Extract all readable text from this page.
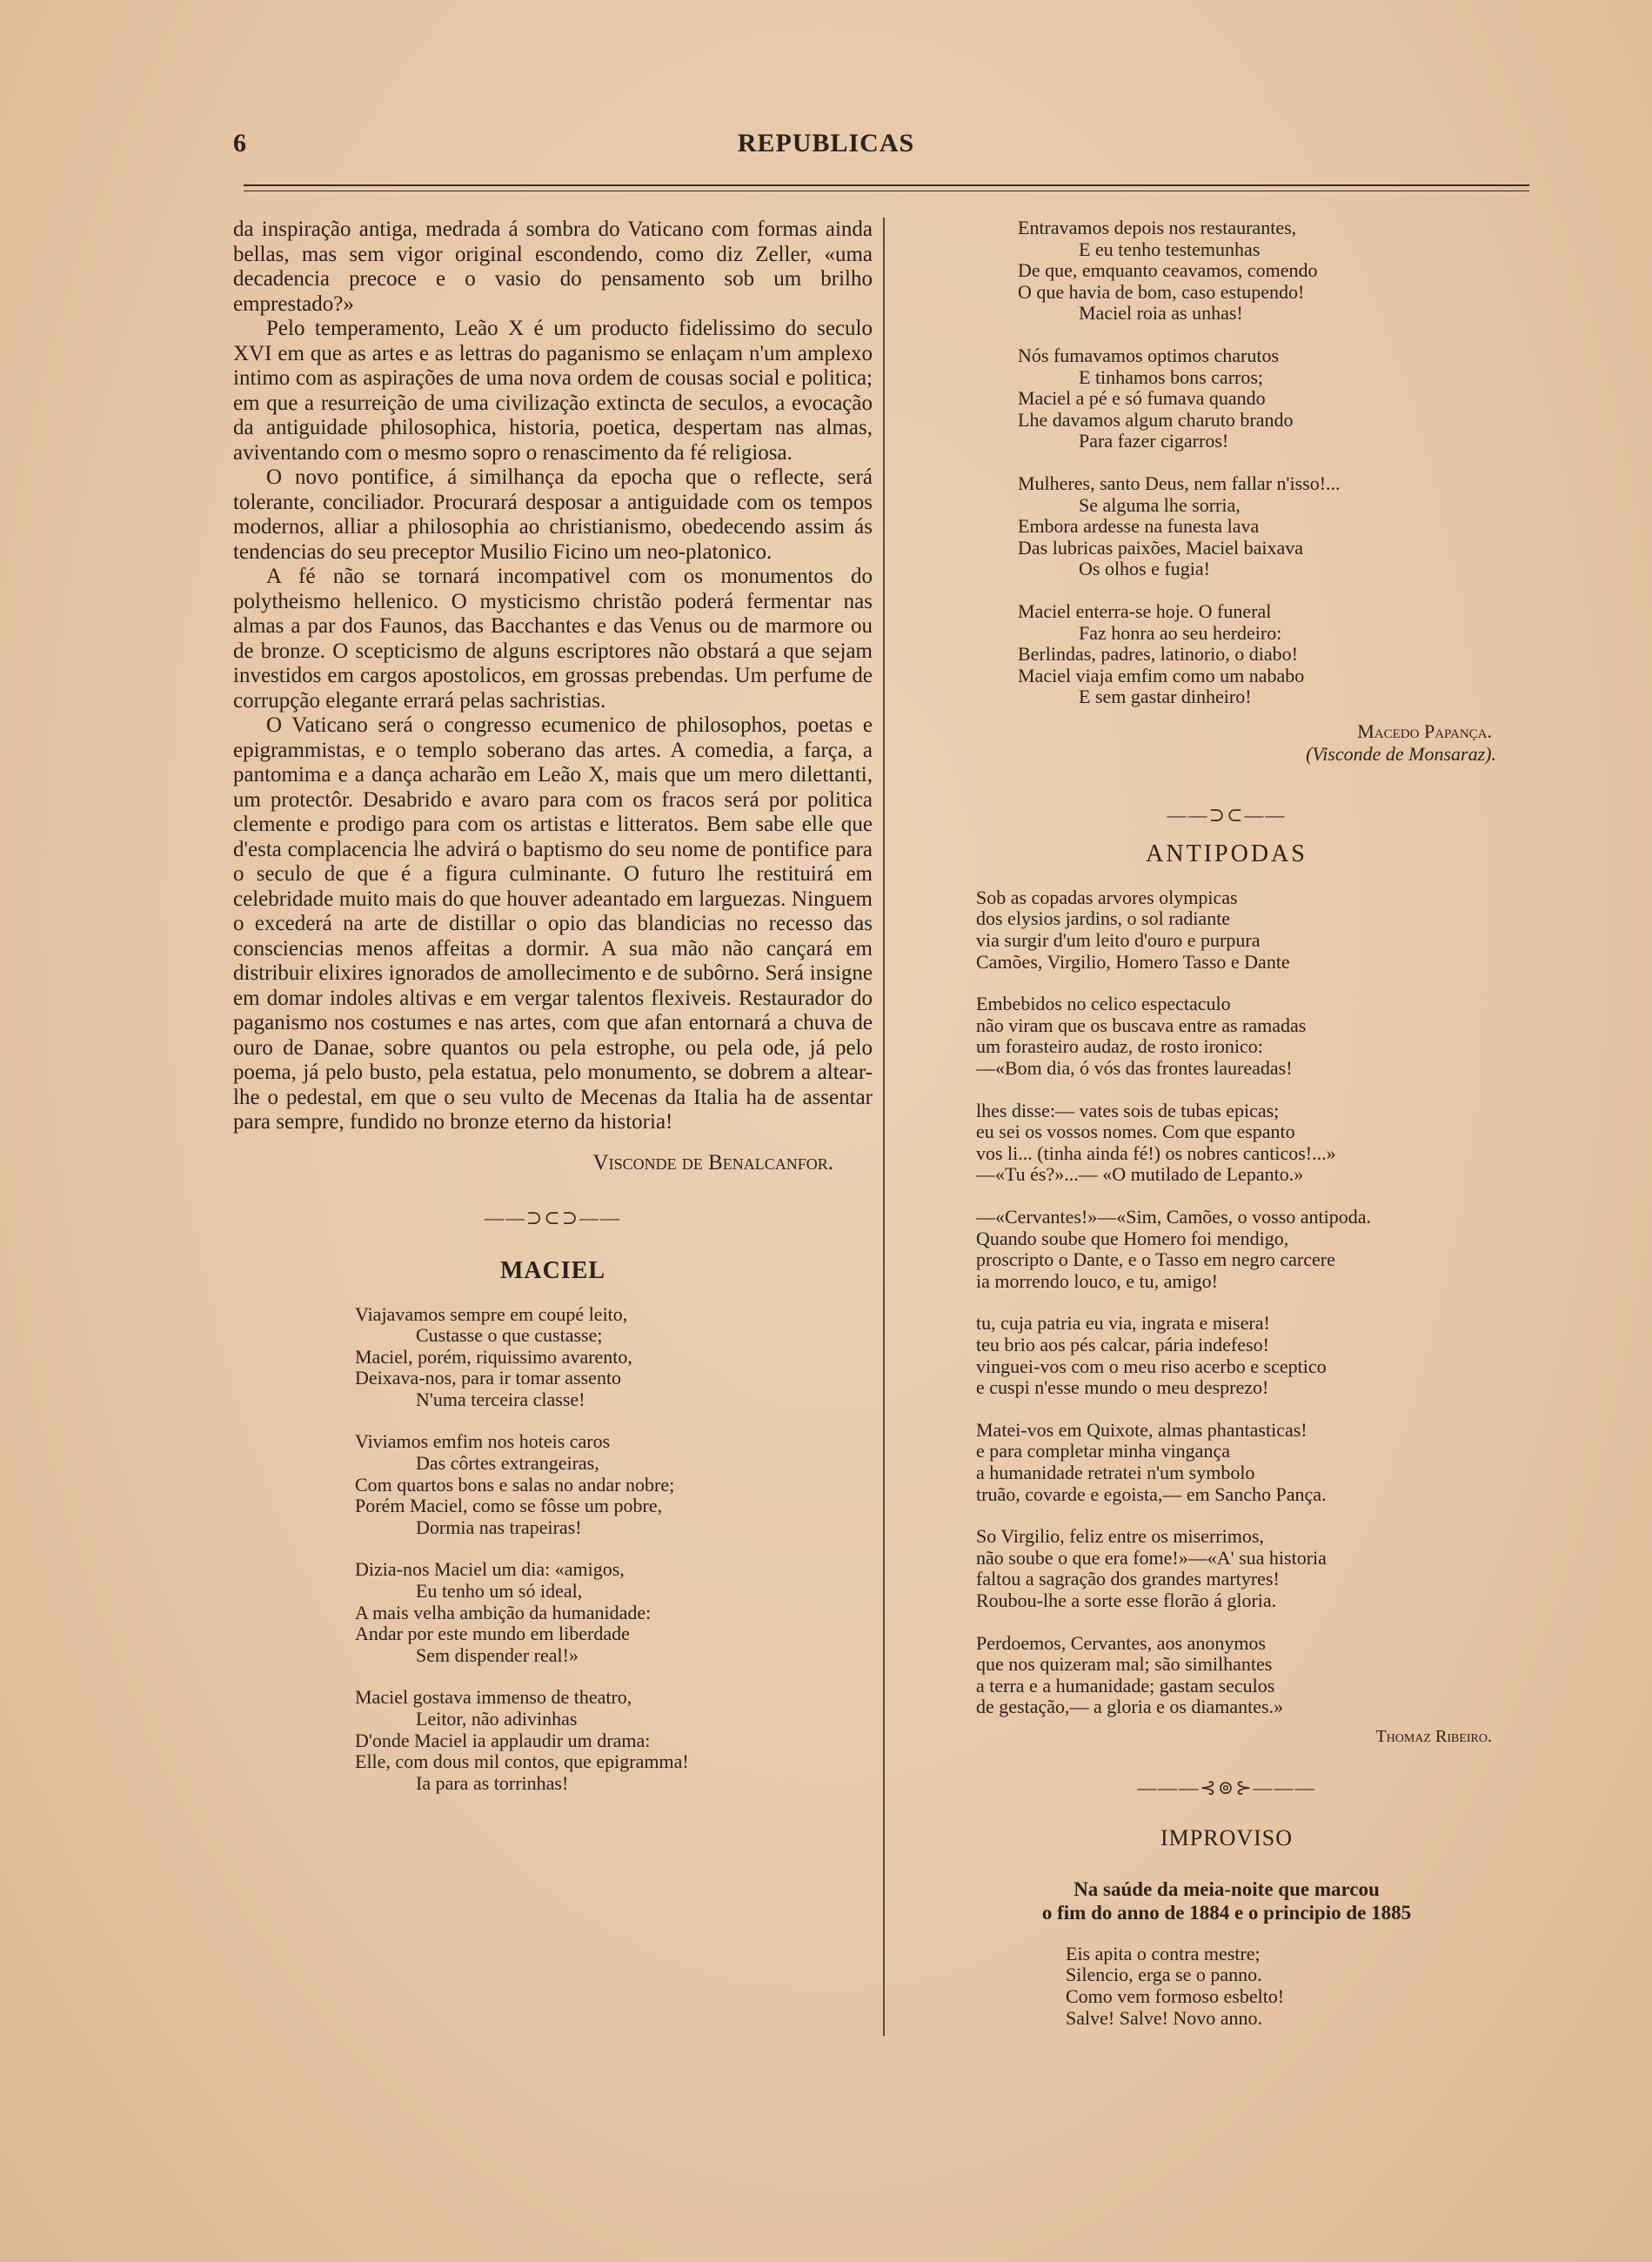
6	REPUBLICAS

da inspiração antiga, medrada á sombra do Vaticano com formas ainda bellas, mas sem vigor original escondendo, como diz Zeller, «uma decadencia precoce e o vasio do pensamento sob um brilho emprestado?»

Pelo temperamento, Leão X é um producto fidelissimo do seculo XVI em que as artes e as lettras do paganismo se enlaçam n'um amplexo intimo com as aspirações de uma nova ordem de cousas social e politica; em que a resurreição de uma civilização extincta de seculos, a evocação da antiguidade philosophica, historia, poetica, despertam nas almas, aviventando com o mesmo sopro o renascimento da fé religiosa.

O novo pontifice, á similhança da epocha que o reflecte, será tolerante, conciliador. Procurará desposar a antiguidade com os tempos modernos, alliar a philosophia ao christianismo, obedecendo assim ás tendencias do seu preceptor Musilio Ficino um neo-platonico.

A fé não se tornará incompativel com os monumentos do polytheismo hellenico. O mysticismo christão poderá fermentar nas almas a par dos Faunos, das Bacchantes e das Venus ou de marmore ou de bronze. O scepticismo de alguns escriptores não obstará a que sejam investidos em cargos apostolicos, em grossas prebendas. Um perfume de corrupção elegante errará pelas sachristias.

O Vaticano será o congresso ecumenico de philosophos, poetas e epigrammistas, e o templo soberano das artes. A comedia, a farça, a pantomima e a dança acharão em Leão X, mais que um mero dilettanti, um protectôr. Desabrido e avaro para com os fracos será por politica clemente e prodigo para com os artistas e litteratos. Bem sabe elle que d'esta complacencia lhe advirá o baptismo do seu nome de pontifice para o seculo de que é a figura culminante. O futuro lhe restituirá em celebridade muito mais do que houver adeantado em larguezas. Ninguem o excederá na arte de distillar o opio das blandicias no recesso das consciencias menos affeitas a dormir. A sua mão não cançará em distribuir elixires ignorados de amollecimento e de subôrno. Será insigne em domar indoles altivas e em vergar talentos flexiveis. Restaurador do paganismo nos costumes e nas artes, com que afan entornará a chuva de ouro de Danae, sobre quantos ou pela estrophe, ou pela ode, já pelo poema, já pelo busto, pela estatua, pelo monumento, se dobrem a altear-lhe o pedestal, em que o seu vulto de Mecenas da Italia ha de assentar para sempre, fundido no bronze eterno da historia!

Visconde de Benalcanfor.
——⊃⊂⊃——
MACIEL
Viajavamos sempre em coupé leito,
Custasse o que custasse;
Maciel, porém, riquissimo avarento,
Deixava-nos, para ir tomar assento
N'uma terceira classe!
Viviamos emfim nos hoteis caros
Das côrtes extrangeiras,
Com quartos bons e salas no andar nobre;
Porém Maciel, como se fôsse um pobre,
Dormia nas trapeiras!
Dizia-nos Maciel um dia: «amigos,
Eu tenho um só ideal,
A mais velha ambição da humanidade:
Andar por este mundo em liberdade
Sem dispender real!»
Maciel gostava immenso de theatro,
Leitor, não adivinhas
D'onde Maciel ia applaudir um drama:
Elle, com dous mil contos, que epigramma!
Ia para as torrinhas!
Entravamos depois nos restaurantes,
E eu tenho testemunhas
De que, emquanto ceavamos, comendo
O que havia de bom, caso estupendo!
Maciel roia as unhas!
Nós fumavamos optimos charutos
E tinhamos bons carros;
Maciel a pé e só fumava quando
Lhe davamos algum charuto brando
Para fazer cigarros!
Mulheres, santo Deus, nem fallar n'isso!...
Se alguma lhe sorria,
Embora ardesse na funesta lava
Das lubricas paixões, Maciel baixava
Os olhos e fugia!
Maciel enterra-se hoje. O funeral
Faz honra ao seu herdeiro:
Berlindas, padres, latinorio, o diabo!
Maciel viaja emfim como um nababo
E sem gastar dinheiro!
Macedo Papança.
(Visconde de Monsaraz).
——⊃⊂——
ANTIPODAS
Sob as copadas arvores olympicas
dos elysios jardins, o sol radiante
via surgir d'um leito d'ouro e purpura
Camões, Virgilio, Homero Tasso e Dante
Embebidos no celico espectaculo
não viram que os buscava entre as ramadas
um forasteiro audaz, de rosto ironico:
—«Bom dia, ó vós das frontes laureadas!
lhes disse:— vates sois de tubas epicas;
eu sei os vossos nomes. Com que espanto
vos li... (tinha ainda fé!) os nobres canticos!...»
—«Tu és?»...— «O mutilado de Lepanto.»
—«Cervantes!»—«Sim, Camões, o vosso antipoda.
Quando soube que Homero foi mendigo,
proscripto o Dante, e o Tasso em negro carcere
ia morrendo louco, e tu, amigo!
tu, cuja patria eu via, ingrata e misera!
teu brio aos pés calcar, pária indefeso!
vinguei-vos com o meu riso acerbo e sceptico
e cuspi n'esse mundo o meu desprezo!
Matei-vos em Quixote, almas phantasticas!
e para completar minha vingança
a humanidade retratei n'um symbolo
truão, covarde e egoista,— em Sancho Pança.
So Virgilio, feliz entre os miserrimos,
não soube o que era fome!»—«A' sua historia
faltou a sagração dos grandes martyres!
Roubou-lhe a sorte esse florão á gloria.
Perdoemos, Cervantes, aos anonymos
que nos quizeram mal; são similhantes
a terra e a humanidade; gastam seculos
de gestação,— a gloria e os diamantes.»
Thomaz Ribeiro.
———⊰⊚⊱———
IMPROVISO
Na saúde da meia-noite que marcou
o fim do anno de 1884 e o principio de 1885
Eis apita o contra mestre;
Silencio, erga se o panno.
Como vem formoso esbelto!
Salve! Salve! Novo anno.
